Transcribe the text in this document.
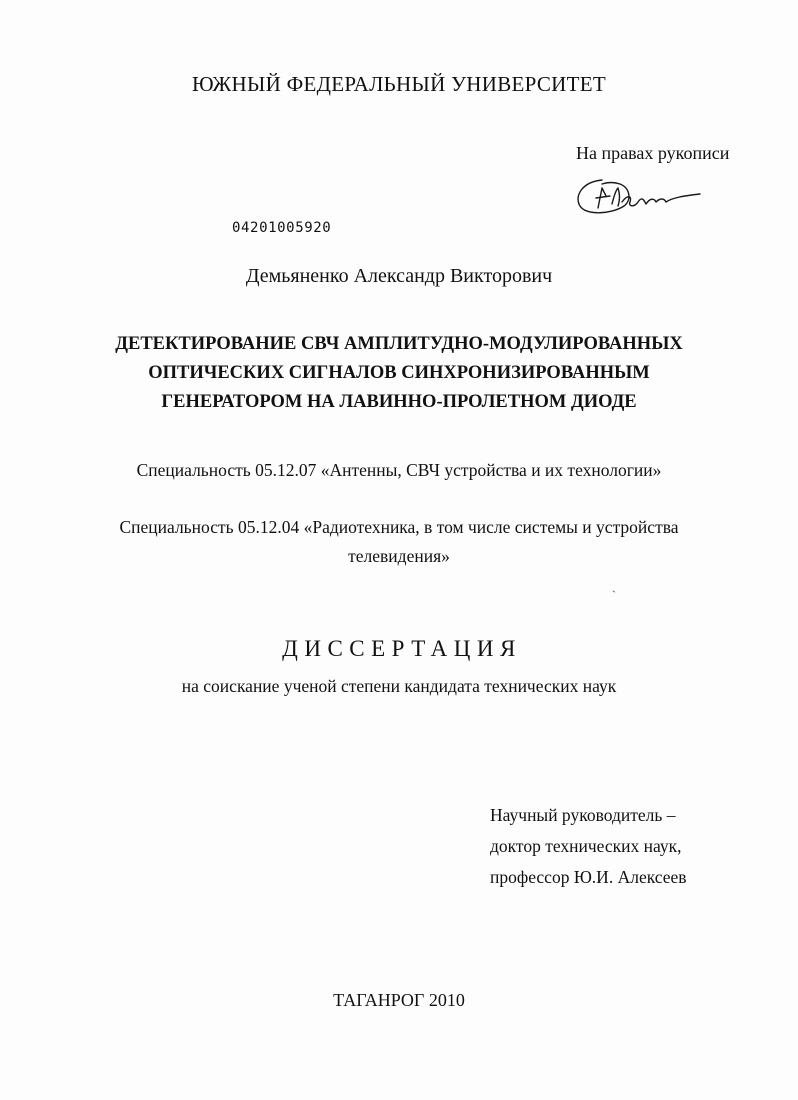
ЮЖНЫЙ ФЕДЕРАЛЬНЫЙ УНИВЕРСИТЕТ
На правах рукописи
04201005920
Демьяненко Александр Викторович
ДЕТЕКТИРОВАНИЕ СВЧ АМПЛИТУДНО-МОДУЛИРОВАННЫХ
ОПТИЧЕСКИХ СИГНАЛОВ СИНХРОНИЗИРОВАННЫМ
ГЕНЕРАТОРОМ НА ЛАВИННО-ПРОЛЕТНОМ ДИОДЕ
Специальность 05.12.07 «Антенны, СВЧ устройства и их технологии»
Специальность 05.12.04 «Радиотехника, в том числе системы и устройства
телевидения»
ˋ
ДИССЕРТАЦИЯ
на соискание ученой степени кандидата технических наук
Научный руководитель –
доктор технических наук,
профессор Ю.И. Алексеев
ТАГАНРОГ 2010
